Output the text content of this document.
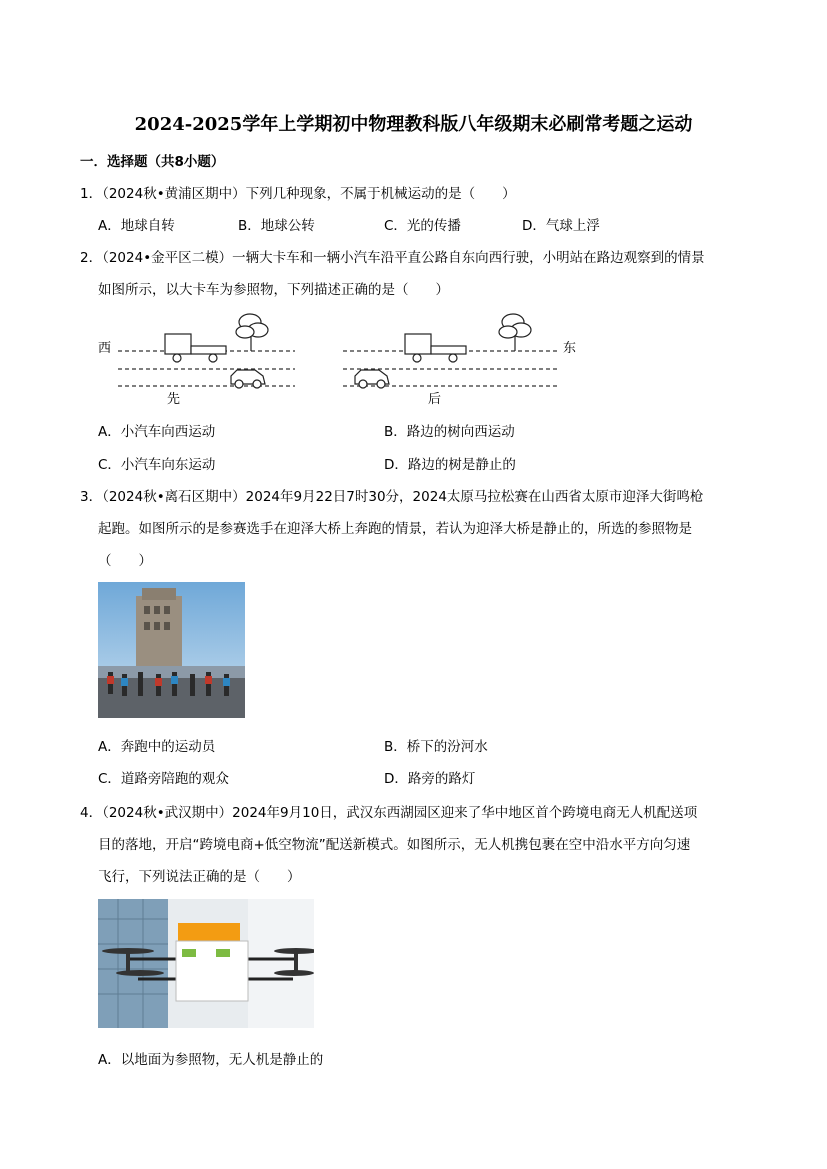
2024-2025学年上学期初中物理教科版八年级期末必刷常考题之运动
一．选择题（共8小题）
1．（2024秋•黄浦区期中）下列几种现象，不属于机械运动的是（　　）
A．地球自转	B．地球公转	C．光的传播	D．气球上浮
2．（2024•金平区二模）一辆大卡车和一辆小汽车沿平直公路自东向西行驶，小明站在路边观察到的情景
如图所示，以大卡车为参照物，下列描述正确的是（　　）
西	东
先	后
A．小汽车向西运动	B．路边的树向西运动
C．小汽车向东运动	D．路边的树是静止的
3．（2024秋•离石区期中）2024年9月22日7时30分，2024太原马拉松赛在山西省太原市迎泽大街鸣枪
起跑。如图所示的是参赛选手在迎泽大桥上奔跑的情景，若认为迎泽大桥是静止的，所选的参照物是
（　　）
A．奔跑中的运动员	B．桥下的汾河水
C．道路旁陪跑的观众	D．路旁的路灯
4．（2024秋•武汉期中）2024年9月10日，武汉东西湖园区迎来了华中地区首个跨境电商无人机配送项
目的落地，开启“跨境电商+低空物流”配送新模式。如图所示，无人机携包裹在空中沿水平方向匀速
飞行，下列说法正确的是（　　）
A．以地面为参照物，无人机是静止的
